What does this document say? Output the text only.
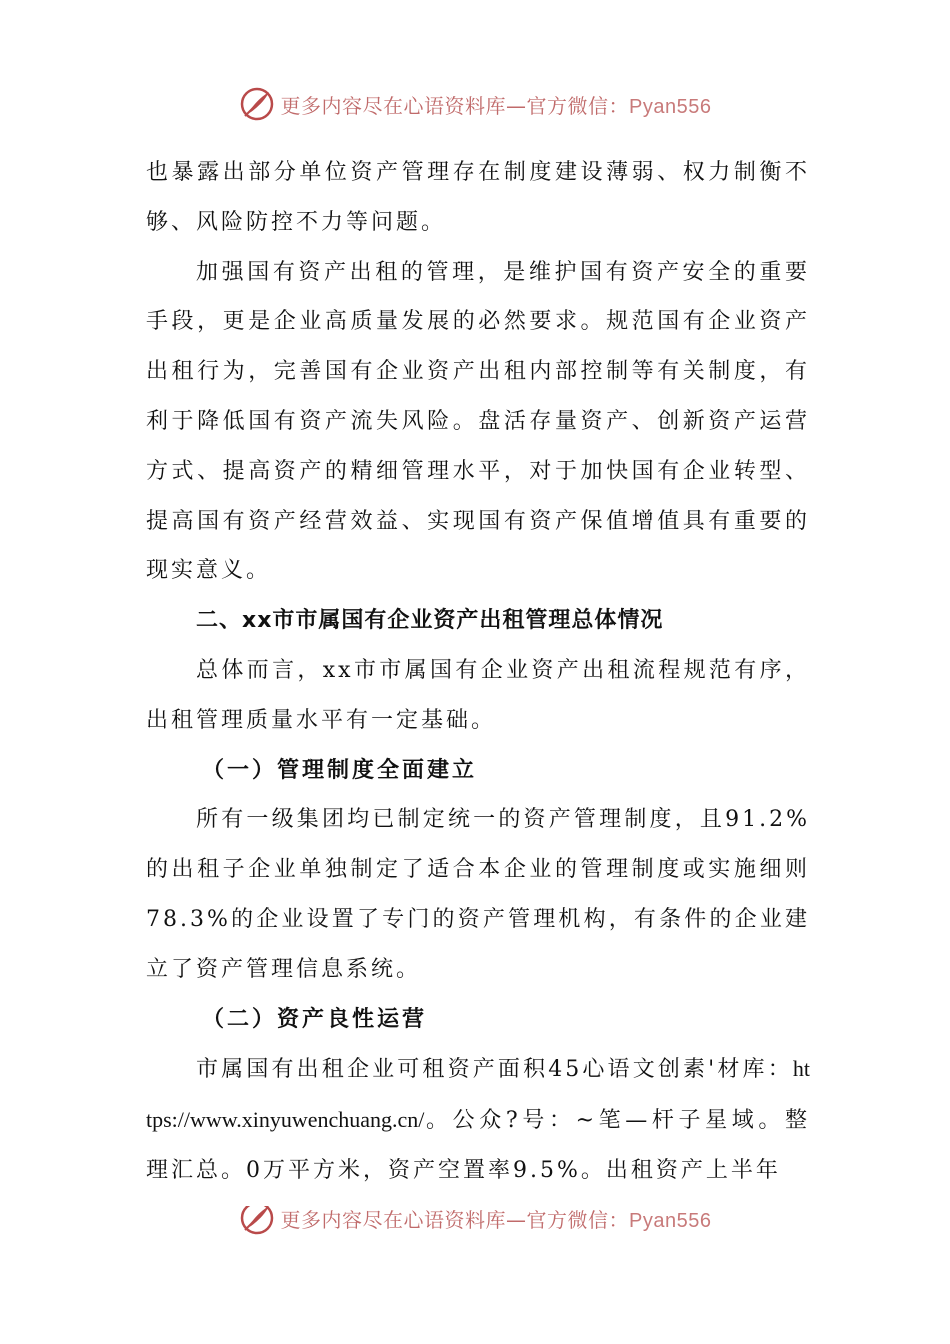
更多内容尽在心语资料库—官方微信：Pyan556

也暴露出部分单位资产管理存在制度建设薄弱、权力制衡不够、风险防控不力等问题。

加强国有资产出租的管理，是维护国有资产安全的重要手段，更是企业高质量发展的必然要求。规范国有企业资产出租行为，完善国有企业资产出租内部控制等有关制度，有利于降低国有资产流失风险。盘活存量资产、创新资产运营方式、提高资产的精细管理水平，对于加快国有企业转型、提高国有资产经营效益、实现国有资产保值增值具有重要的现实意义。

二、xx市市属国有企业资产出租管理总体情况

总体而言，xx市市属国有企业资产出租流程规范有序，出租管理质量水平有一定基础。

（一）管理制度全面建立

所有一级集团均已制定统一的资产管理制度，且91.2%的出租子企业单独制定了适合本企业的管理制度或实施细则78.3%的企业设置了专门的资产管理机构，有条件的企业建立了资产管理信息系统。

（二）资产良性运营

市属国有出租企业可租资产面积45心语文创素'材库：https://www.xinyuwenchuang.cn/。公众?号：~笔—杆子星域。整理汇总。0万平方米，资产空置率9.5%。出租资产上半年

更多内容尽在心语资料库—官方微信：Pyan556
